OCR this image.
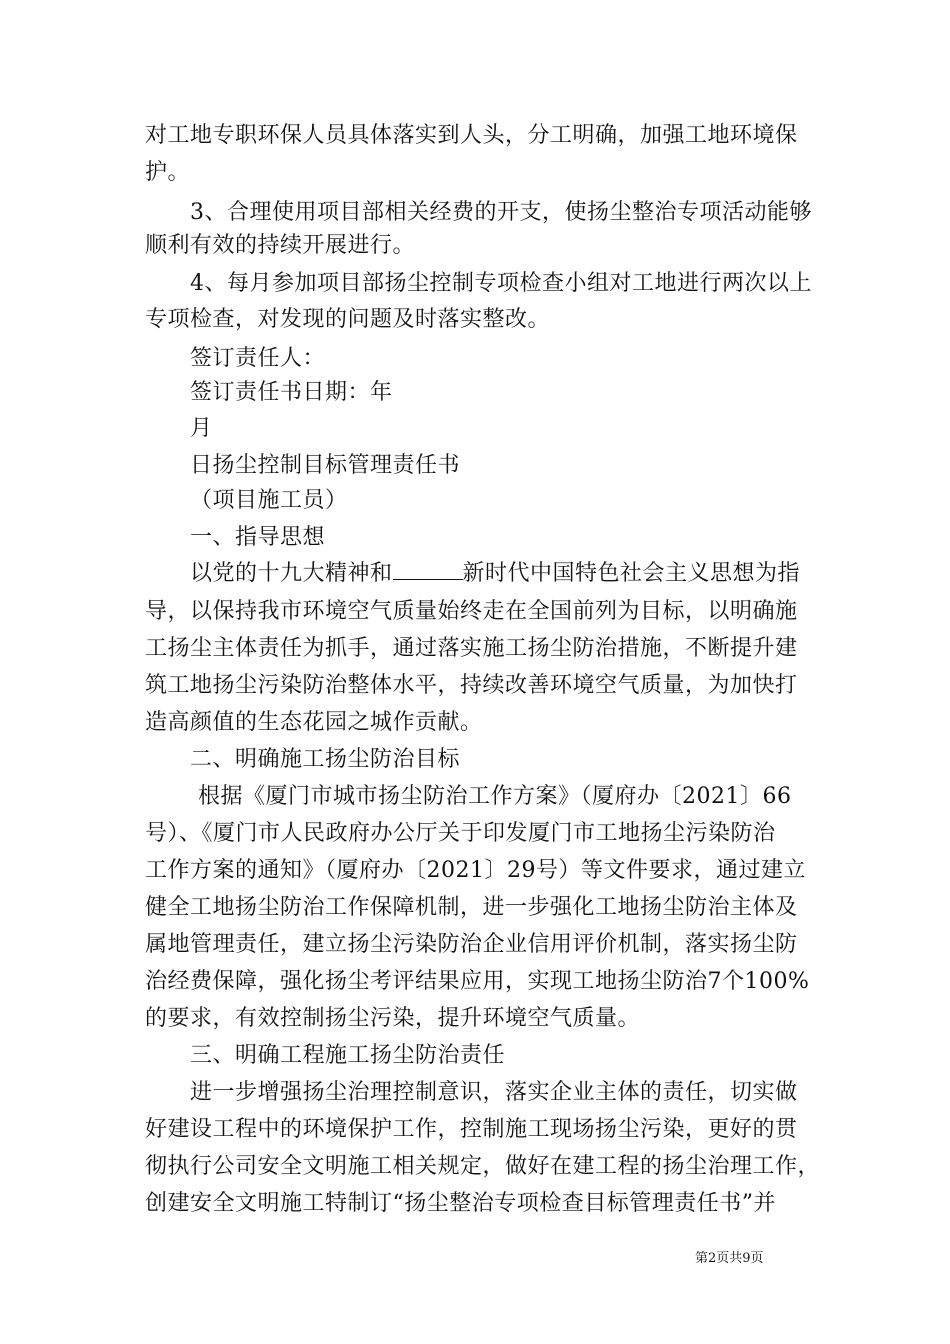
对工地专职环保人员具体落实到人头，分工明确，加强工地环境保
护。
3、合理使用项目部相关经费的开支，使扬尘整治专项活动能够
顺利有效的持续开展进行。
4、每月参加项目部扬尘控制专项检查小组对工地进行两次以上
专项检查，对发现的问题及时落实整改。
签订责任人：
签订责任书日期：年
月
日扬尘控制目标管理责任书
（项目施工员）
一、指导思想
以党的十九大精神和	新时代中国特色社会主义思想为指
导，以保持我市环境空气质量始终走在全国前列为目标，以明确施
工扬尘主体责任为抓手，通过落实施工扬尘防治措施，不断提升建
筑工地扬尘污染防治整体水平，持续改善环境空气质量，为加快打
造高颜值的生态花园之城作贡献。
二、明确施工扬尘防治目标
根据《厦门市城市扬尘防治工作方案》（厦府办〔2021〕66
号）、《厦门市人民政府办公厅关于印发厦门市工地扬尘污染防治
工作方案的通知》（厦府办〔2021〕29号）等文件要求，通过建立
健全工地扬尘防治工作保障机制，进一步强化工地扬尘防治主体及
属地管理责任，建立扬尘污染防治企业信用评价机制，落实扬尘防
治经费保障，强化扬尘考评结果应用，实现工地扬尘防治7个100%
的要求，有效控制扬尘污染，提升环境空气质量。
三、明确工程施工扬尘防治责任
进一步增强扬尘治理控制意识，落实企业主体的责任，切实做
好建设工程中的环境保护工作，控制施工现场扬尘污染，更好的贯
彻执行公司安全文明施工相关规定，做好在建工程的扬尘治理工作，
创建安全文明施工特制订“扬尘整治专项检查目标管理责任书”并
第2页共9页
